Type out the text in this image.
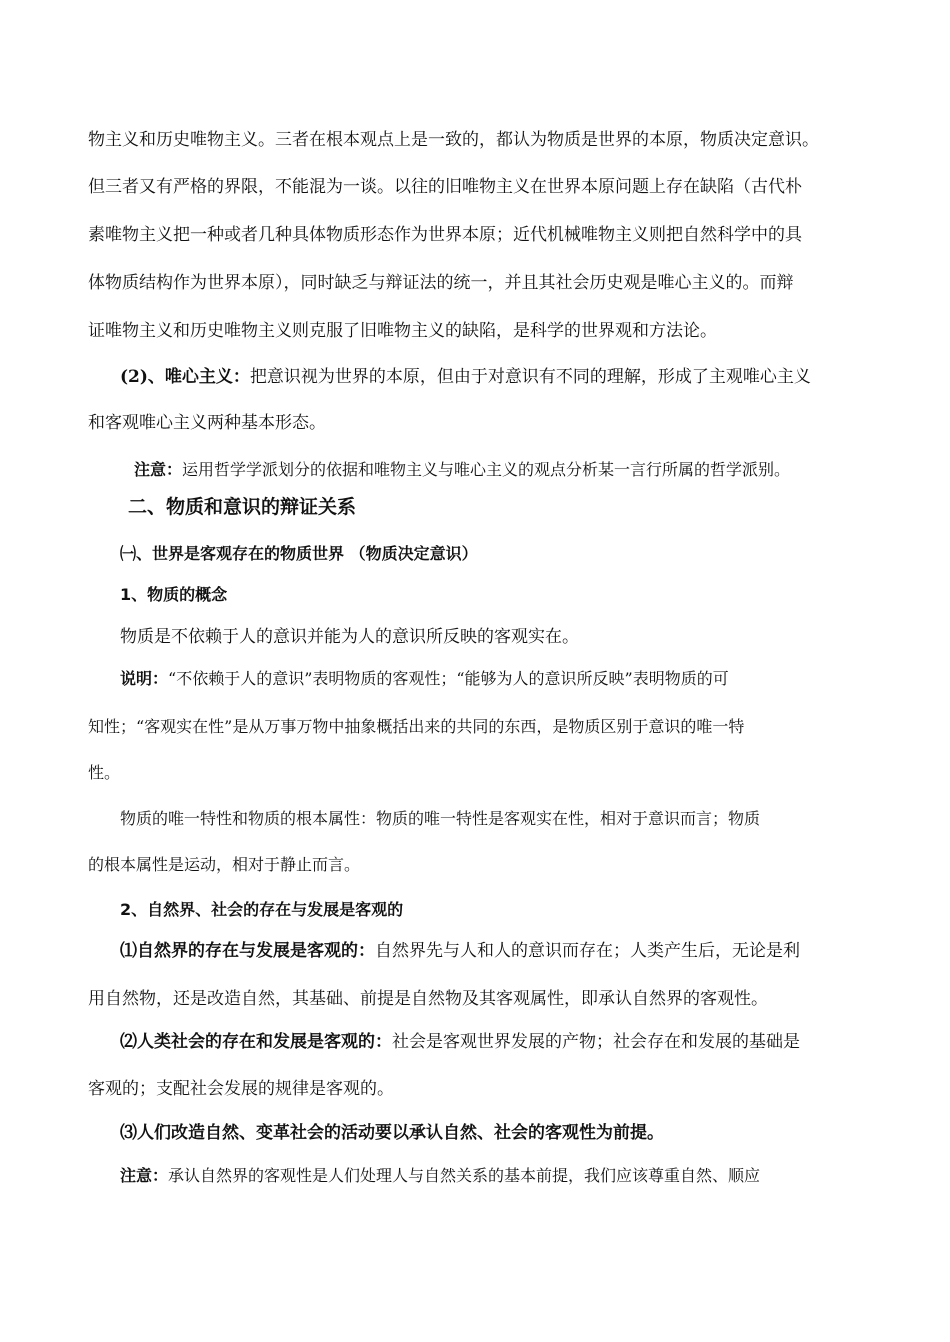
物主义和历史唯物主义。三者在根本观点上是一致的，都认为物质是世界的本原，物质决定意识。
但三者又有严格的界限，不能混为一谈。以往的旧唯物主义在世界本原问题上存在缺陷（古代朴
素唯物主义把一种或者几种具体物质形态作为世界本原；近代机械唯物主义则把自然科学中的具
体物质结构作为世界本原），同时缺乏与辩证法的统一，并且其社会历史观是唯心主义的。而辩
证唯物主义和历史唯物主义则克服了旧唯物主义的缺陷，是科学的世界观和方法论。
(2)、唯心主义：把意识视为世界的本原，但由于对意识有不同的理解，形成了主观唯心主义
和客观唯心主义两种基本形态。
注意：运用哲学学派划分的依据和唯物主义与唯心主义的观点分析某一言行所属的哲学派别。
二、物质和意识的辩证关系
㈠、世界是客观存在的物质世界 （物质决定意识）
1、物质的概念
物质是不依赖于人的意识并能为人的意识所反映的客观实在。
说明：“不依赖于人的意识”表明物质的客观性；“能够为人的意识所反映”表明物质的可
知性；“客观实在性”是从万事万物中抽象概括出来的共同的东西，是物质区别于意识的唯一特
性。
物质的唯一特性和物质的根本属性：物质的唯一特性是客观实在性，相对于意识而言；物质
的根本属性是运动，相对于静止而言。
2、自然界、社会的存在与发展是客观的
⑴自然界的存在与发展是客观的：自然界先与人和人的意识而存在；人类产生后，无论是利
用自然物，还是改造自然，其基础、前提是自然物及其客观属性，即承认自然界的客观性。
⑵人类社会的存在和发展是客观的：社会是客观世界发展的产物；社会存在和发展的基础是
客观的；支配社会发展的规律是客观的。
⑶人们改造自然、变革社会的活动要以承认自然、社会的客观性为前提。
注意：承认自然界的客观性是人们处理人与自然关系的基本前提，我们应该尊重自然、顺应
